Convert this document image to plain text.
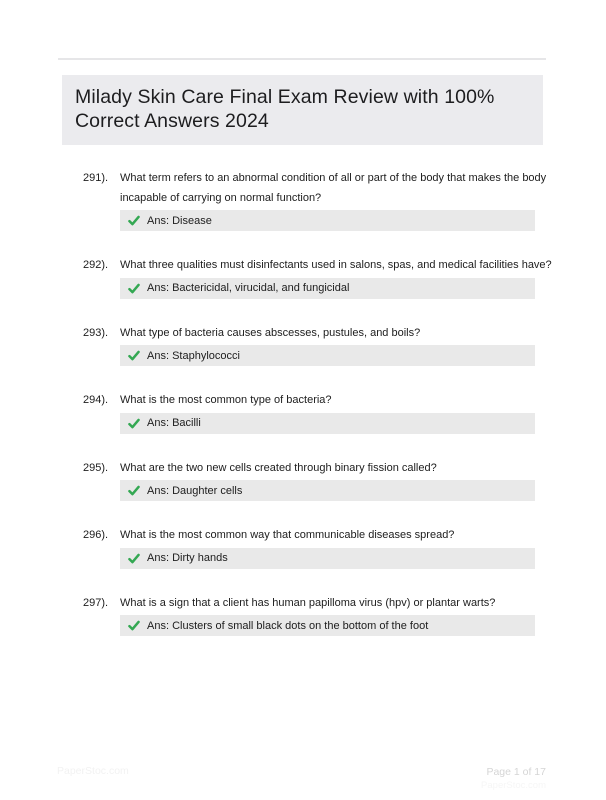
Milady Skin Care Final Exam Review with 100% Correct Answers 2024
291).	What term refers to an abnormal condition of all or part of the body that makes the body incapable of carrying on normal function?

Ans: Disease
292).	What three qualities must disinfectants used in salons, spas, and medical facilities have?

Ans: Bactericidal, virucidal, and fungicidal
293).	What type of bacteria causes abscesses, pustules, and boils?

Ans: Staphylococci
294).	What is the most common type of bacteria?

Ans: Bacilli
295).	What are the two new cells created through binary fission called?

Ans: Daughter cells
296).	What is the most common way that communicable diseases spread?

Ans: Dirty hands
297).	What is a sign that a client has human papilloma virus (hpv) or plantar warts?

Ans: Clusters of small black dots on the bottom of the foot
PaperStoc.com	Page 1 of 17
PaperStoc.com
